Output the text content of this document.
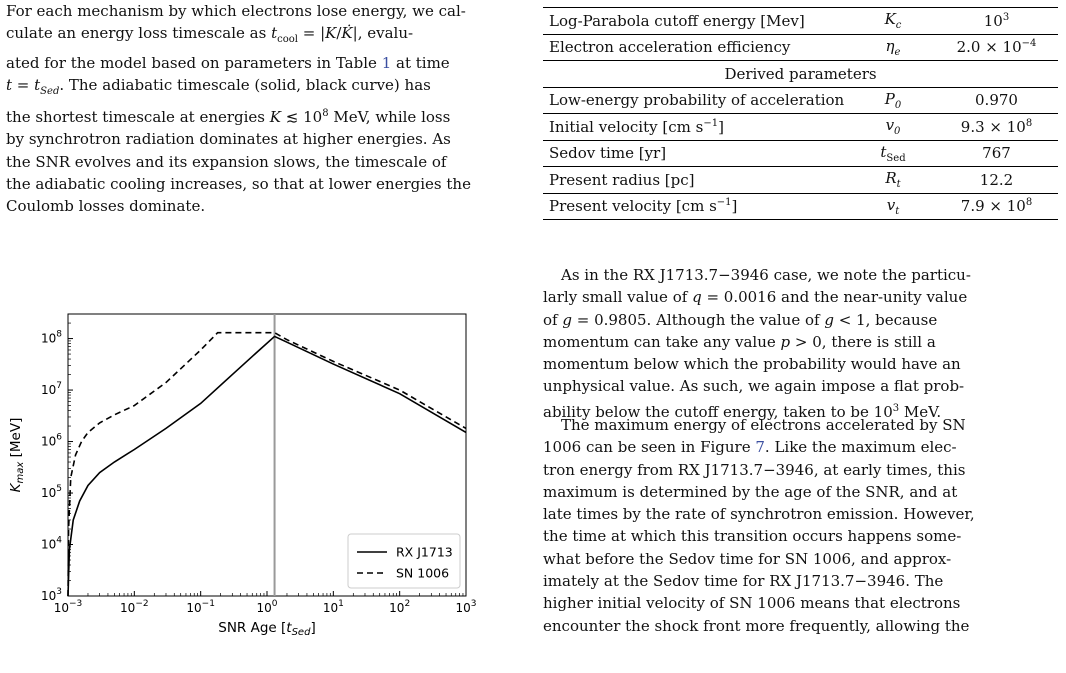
For each mechanism by which electrons lose energy, we cal-
culate an energy loss timescale as $t_{cool}$ = |K/K̇|, evalu-
ated for the model based on parameters in Table 1 at time
$t = t_{Sed}$. The adiabatic timescale (solid, black curve) has
the shortest timescale at energies K ≲ $10^8$ MeV, while loss
by synchrotron radiation dominates at higher energies. As
the SNR evolves and its expansion slows, the timescale of
the adiabatic cooling increases, so that at lower energies the
Coulomb losses dominate.
Log-Parabola cutoff energy [Mev]	$K_c$	$10^3$
Electron acceleration efficiency	$\eta_e$	$2.0 \times 10^{-4}$
Derived parameters
Low-energy probability of acceleration	$P_0$	0.970
Initial velocity [cm $s^{-1}$]	$v_0$	$9.3 \times 10^8$
Sedov time [yr]	$t_{Sed}$	767
Present radius [pc]	$R_t$	12.2
Present velocity [cm $s^{-1}$]	$v_t$	$7.9 \times 10^8$
As in the RX J1713.7−3946 case, we note the particu-
larly small value of q = 0.0016 and the near-unity value
of g = 0.9805. Although the value of g < 1, because
momentum can take any value p > 0, there is still a
momentum below which the probability would have an
unphysical value. As such, we again impose a flat prob-
ability below the cutoff energy, taken to be $10^3$ MeV.
The maximum energy of electrons accelerated by SN
1006 can be seen in Figure 7. Like the maximum elec-
tron energy from RX J1713.7−3946, at early times, this
maximum is determined by the age of the SNR, and at
late times by the rate of synchrotron emission. However,
the time at which this transition occurs happens some-
what before the Sedov time for SN 1006, and approx-
imately at the Sedov time for RX J1713.7−3946. The
higher initial velocity of SN 1006 means that electrons
encounter the shock front more frequently, allowing the
$10^{-3}$	$10^{-2}$	$10^{-1}$	$10^0$	$10^1$	$10^2$	$10^3$
$10^3$
$10^4$
$10^5$
$10^6$
$10^7$
$10^8$
SNR Age $[t_{Sed}]$
$K_{max}$ [MeV]
RX J1713
SN 1006
